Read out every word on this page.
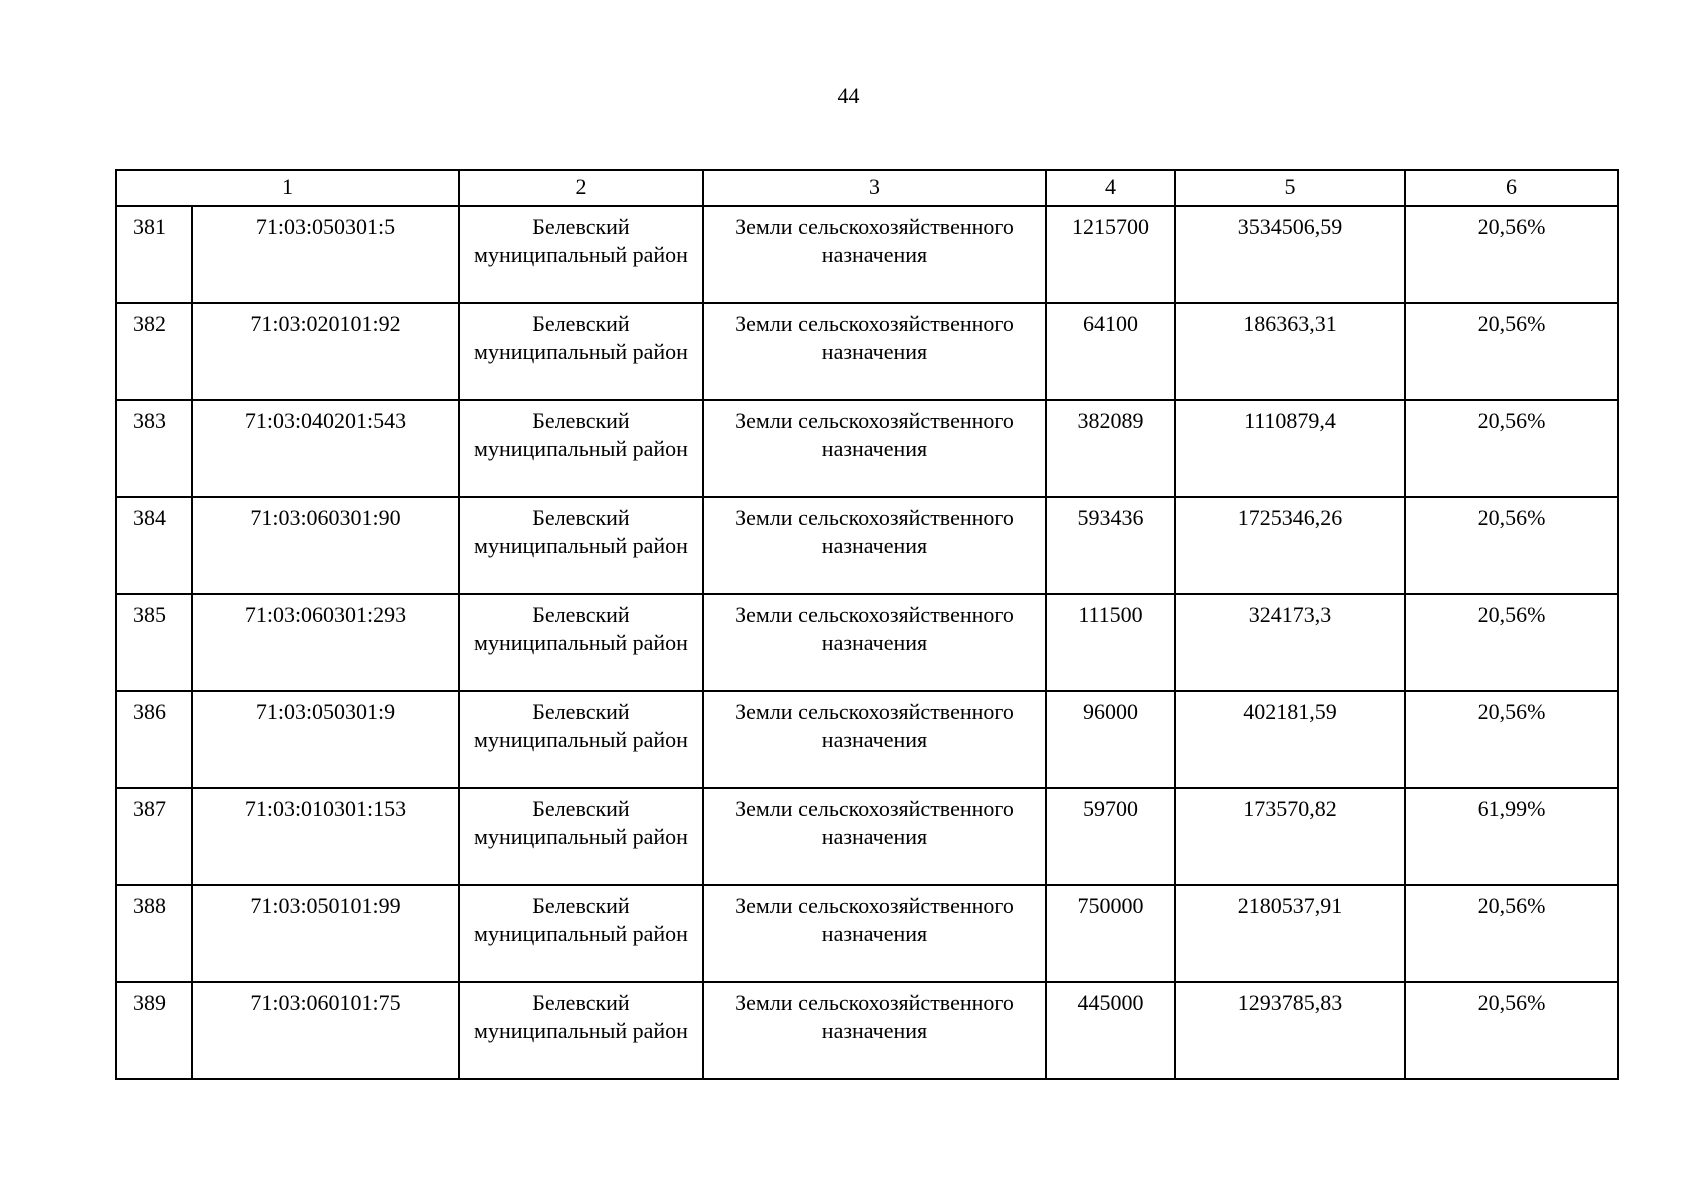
44
1		2	3	4	5	6
381	71:03:050301:5	Белевский муниципальный район	Земли сельскохозяйственного назначения	1215700	3534506,59	20,56%
382	71:03:020101:92	Белевский муниципальный район	Земли сельскохозяйственного назначения	64100	186363,31	20,56%
383	71:03:040201:543	Белевский муниципальный район	Земли сельскохозяйственного назначения	382089	1110879,4	20,56%
384	71:03:060301:90	Белевский муниципальный район	Земли сельскохозяйственного назначения	593436	1725346,26	20,56%
385	71:03:060301:293	Белевский муниципальный район	Земли сельскохозяйственного назначения	111500	324173,3	20,56%
386	71:03:050301:9	Белевский муниципальный район	Земли сельскохозяйственного назначения	96000	402181,59	20,56%
387	71:03:010301:153	Белевский муниципальный район	Земли сельскохозяйственного назначения	59700	173570,82	61,99%
388	71:03:050101:99	Белевский муниципальный район	Земли сельскохозяйственного назначения	750000	2180537,91	20,56%
389	71:03:060101:75	Белевский муниципальный район	Земли сельскохозяйственного назначения	445000	1293785,83	20,56%
